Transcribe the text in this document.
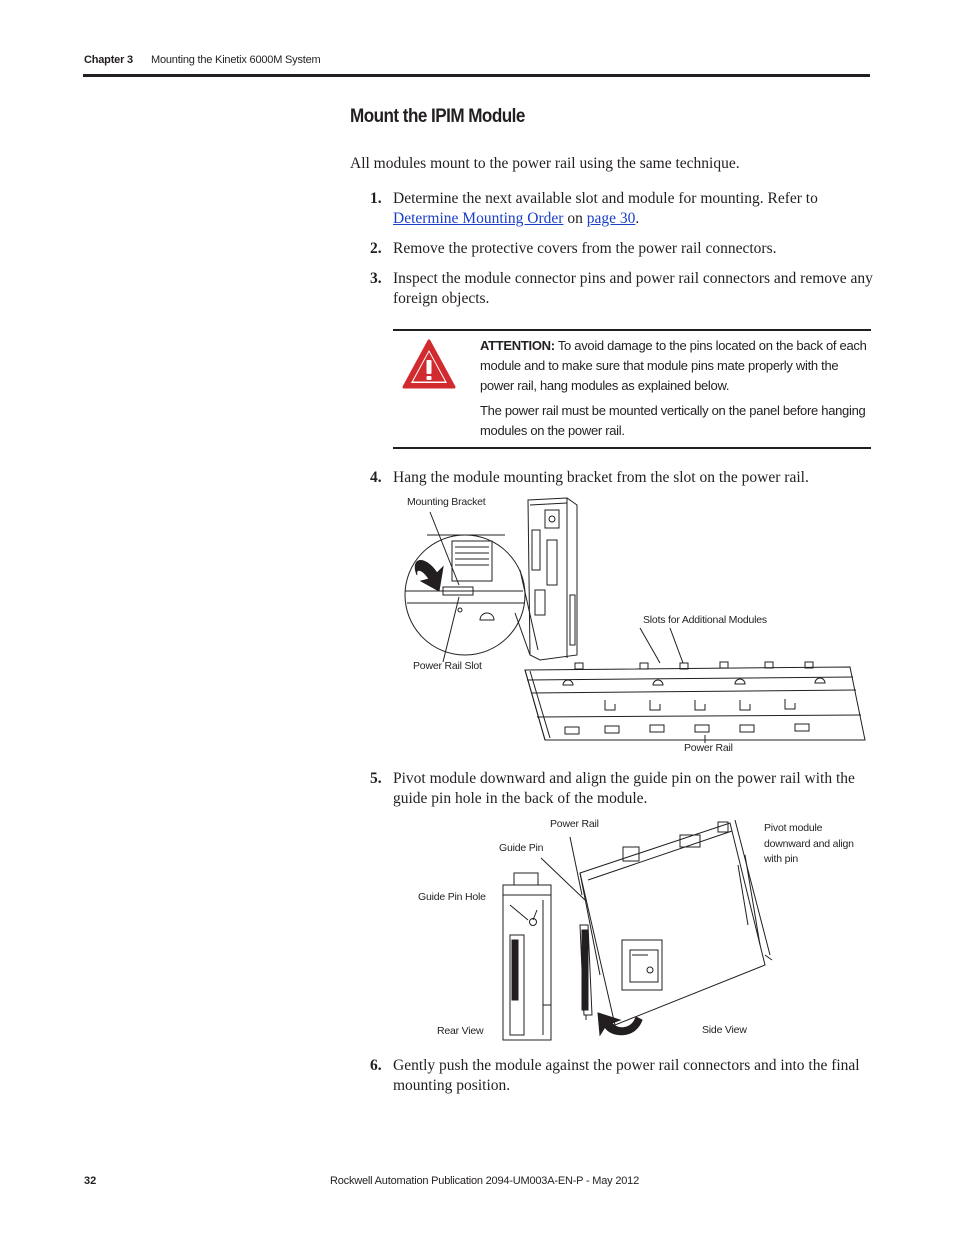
Chapter 3 Mounting the Kinetix 6000M System
Mount the IPIM Module
All modules mount to the power rail using the same technique.
1. Determine the next available slot and module for mounting. Refer to
Determine Mounting Order on page 30.
2. Remove the protective covers from the power rail connectors.
3. Inspect the module connector pins and power rail connectors and remove any foreign objects.
ATTENTION: To avoid damage to the pins located on the back of each module and to make sure that module pins mate properly with the power rail, hang modules as explained below.
The power rail must be mounted vertically on the panel before hanging modules on the power rail.
4. Hang the module mounting bracket from the slot on the power rail.
Mounting Bracket
Slots for Additional Modules
Power Rail Slot
Power Rail
5. Pivot module downward and align the guide pin on the power rail with the guide pin hole in the back of the module.
Power Rail
Guide Pin
Guide Pin Hole
Pivot module
downward and align
with pin
Rear View	Side View
6. Gently push the module against the power rail connectors and into the final mounting position.
32	Rockwell Automation Publication 2094-UM003A-EN-P - May 2012
